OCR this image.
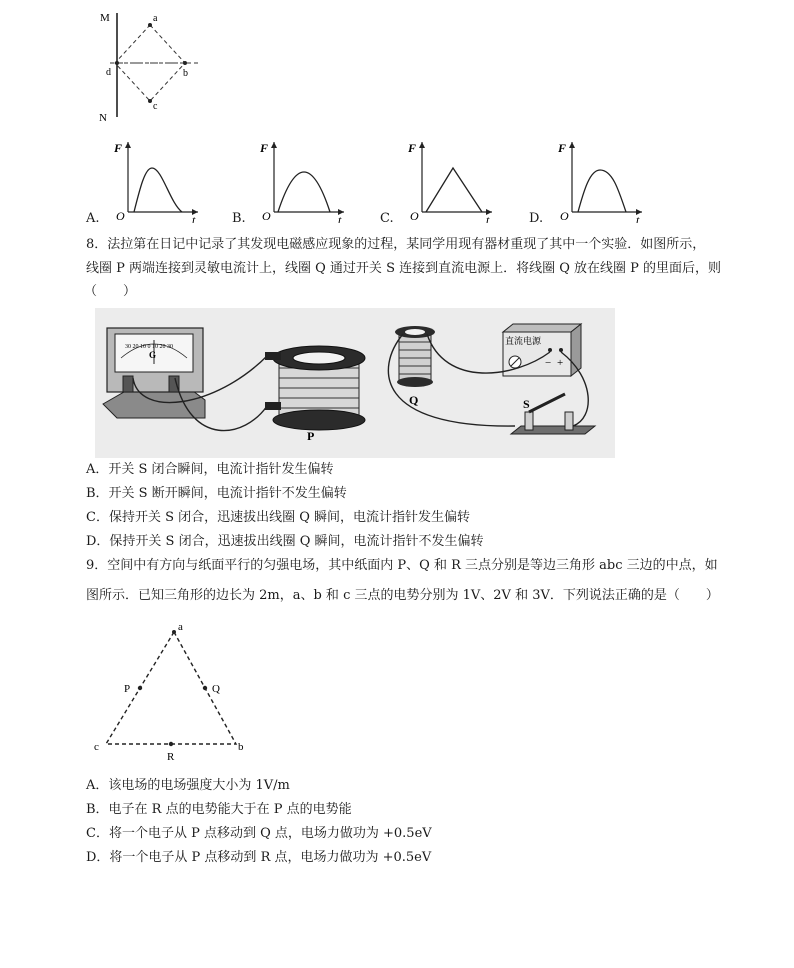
M
N
a
b
c
d
F
O	t
F
O	t
F
O	t
F
O	t
A.	B.	C.	D.
8．法拉第在日记中记录了其发现电磁感应现象的过程，某同学用现有器材重现了其中一个实验．如图所示，
线圈 P 两端连接到灵敏电流计上，线圈 Q 通过开关 S 连接到直流电源上．将线圈 Q 放在线圈 P 的里面后，则
（　　）
30 20 10 0 10 20 30
G
P
Q
直流电源
− +
S
A．开关 S 闭合瞬间，电流计指针发生偏转
B．开关 S 断开瞬间，电流计指针不发生偏转
C．保持开关 S 闭合，迅速拔出线圈 Q 瞬间，电流计指针发生偏转
D．保持开关 S 闭合，迅速拔出线圈 Q 瞬间，电流计指针不发生偏转
9．空间中有方向与纸面平行的匀强电场，其中纸面内 P、Q 和 R 三点分别是等边三角形 abc 三边的中点，如
图所示．已知三角形的边长为 2m，a、b 和 c 三点的电势分别为 1V、2V 和 3V．下列说法正确的是（　　）
a
b
c
P	Q
R
A．该电场的电场强度大小为 1V/m
B．电子在 R 点的电势能大于在 P 点的电势能
C．将一个电子从 P 点移动到 Q 点，电场力做功为 +0.5eV
D．将一个电子从 P 点移动到 R 点，电场力做功为 +0.5eV
